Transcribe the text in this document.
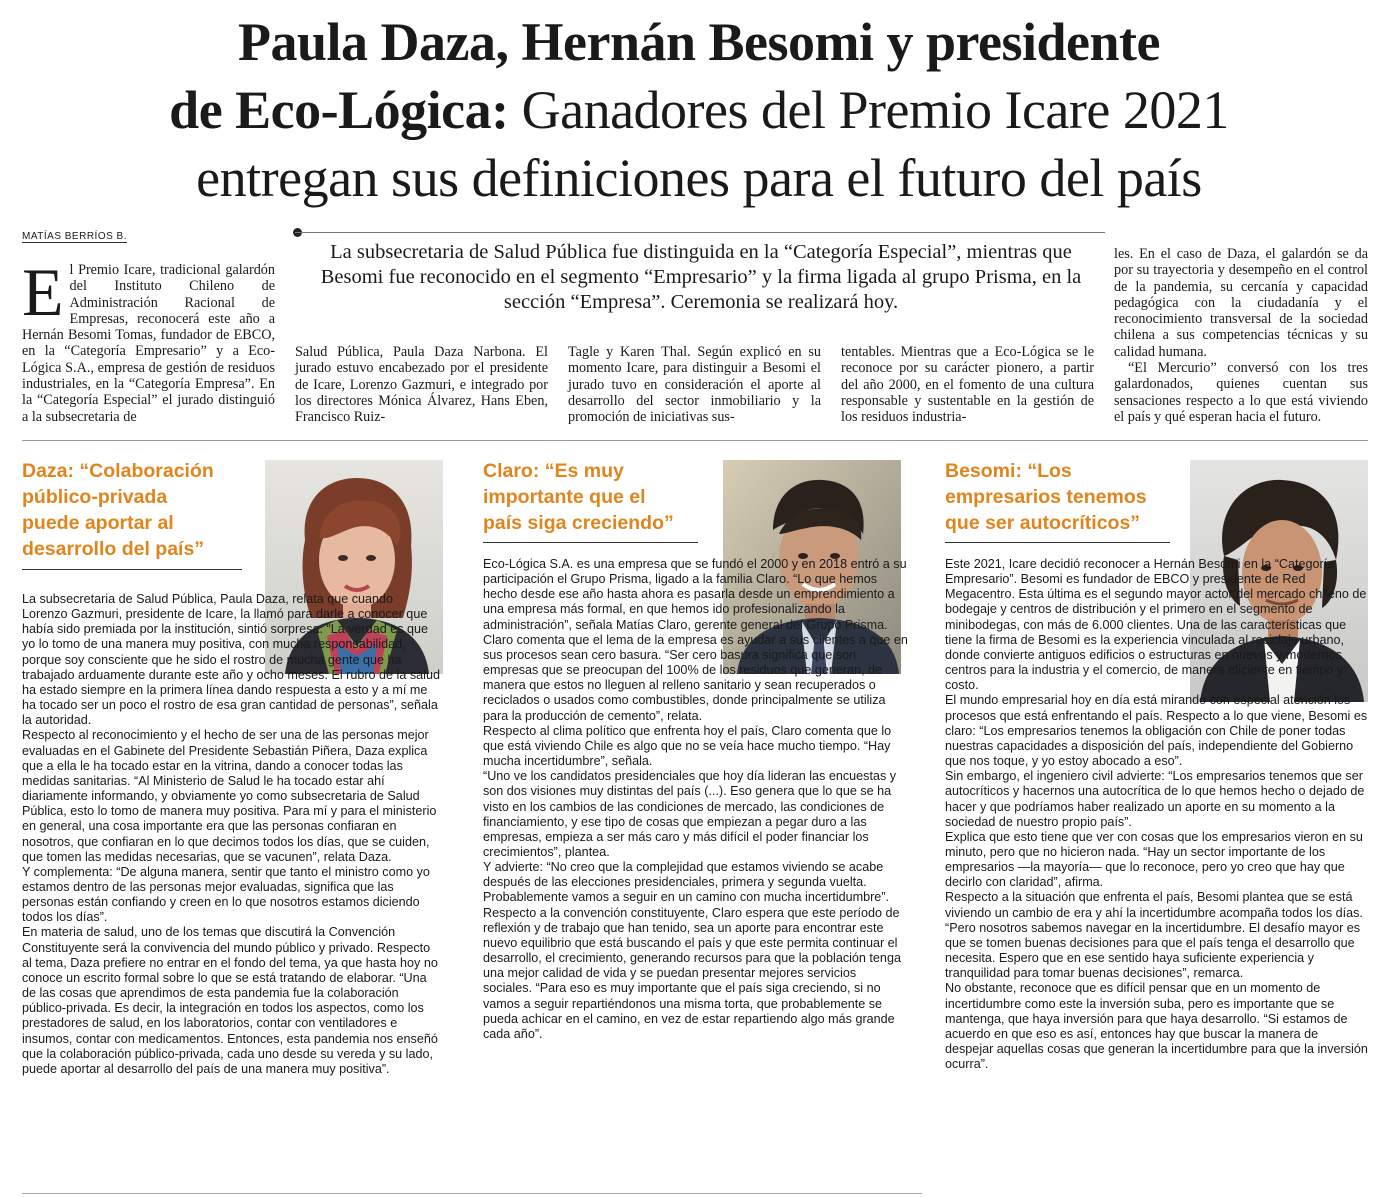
Paula Daza, Hernán Besomi y presidente
de Eco-Lógica: Ganadores del Premio Icare 2021
entregan sus definiciones para el futuro del país
MATÍAS BERRÍOS B.
La subsecretaria de Salud Pública fue distinguida en la “Categoría Especial”, mientras que Besomi fue reconocido en el segmento “Empresario” y la firma ligada al grupo Prisma, en la sección “Empresa”. Ceremonia se realizará hoy.
El Premio Icare, tradicional galardón del Instituto Chileno de Administración Racional de Empresas, reconocerá este año a Hernán Besomi Tomas, fundador de EBCO, en la “Categoría Empresario” y a Eco-Lógica S.A., empresa de gestión de residuos industriales, en la “Categoría Empresa”. En la “Categoría Especial” el jurado distinguió a la subsecretaria de
Salud Pública, Paula Daza Narbona. El jurado estuvo encabezado por el presidente de Icare, Lorenzo Gazmuri, e integrado por los directores Mónica Álvarez, Hans Eben, Francisco Ruiz-
Tagle y Karen Thal. Según explicó en su momento Icare, para distinguir a Besomi el jurado tuvo en consideración el aporte al desarrollo del sector inmobiliario y la promoción de iniciativas sus-
tentables. Mientras que a Eco-Lógica se le reconoce por su carácter pionero, a partir del año 2000, en el fomento de una cultura responsable y sustentable en la gestión de los residuos industria-
les. En el caso de Daza, el galardón se da por su trayectoria y desempeño en el control de la pandemia, su cercanía y capacidad pedagógica con la ciudadanía y el reconocimiento transversal de la sociedad chilena a sus competencias técnicas y su calidad humana.
“El Mercurio” conversó con los tres galardonados, quienes cuentan sus sensaciones respecto a lo que está viviendo el país y qué esperan hacia el futuro.
Daza: “Colaboración
público-privada
puede aportar al
desarrollo del país”

La subsecretaria de Salud Pública, Paula Daza, relata que cuando Lorenzo Gazmuri, presidente de Icare, la llamó para darle a conocer que había sido premiada por la institución, sintió sorpresa. “La verdad es que yo lo tomo de una manera muy positiva, con mucha responsabilidad, porque soy consciente que he sido el rostro de mucha gente que ha trabajado arduamente durante este año y ocho meses. El rubro de la salud ha estado siempre en la primera línea dando respuesta a esto y a mí me ha tocado ser un poco el rostro de esa gran cantidad de personas”, señala la autoridad.

Respecto al reconocimiento y el hecho de ser una de las personas mejor evaluadas en el Gabinete del Presidente Sebastián Piñera, Daza explica que a ella le ha tocado estar en la vitrina, dando a conocer todas las medidas sanitarias. “Al Ministerio de Salud le ha tocado estar ahí diariamente informando, y obviamente yo como subsecretaria de Salud Pública, esto lo tomo de manera muy positiva. Para mí y para el ministerio en general, una cosa importante era que las personas confiaran en nosotros, que confiaran en lo que decimos todos los días, que se cuiden, que tomen las medidas necesarias, que se vacunen”, relata Daza.

Y complementa: “De alguna manera, sentir que tanto el ministro como yo estamos dentro de las personas mejor evaluadas, significa que las personas están confiando y creen en lo que nosotros estamos diciendo todos los días”.

En materia de salud, uno de los temas que discutirá la Convención Constituyente será la convivencia del mundo público y privado. Respecto al tema, Daza prefiere no entrar en el fondo del tema, ya que hasta hoy no conoce un escrito formal sobre lo que se está tratando de elaborar. “Una de las cosas que aprendimos de esta pandemia fue la colaboración público-privada. Es decir, la integración en todos los aspectos, como los prestadores de salud, en los laboratorios, contar con ventiladores e insumos, contar con medicamentos. Entonces, esta pandemia nos enseñó que la colaboración público-privada, cada uno desde su vereda y su lado, puede aportar al desarrollo del país de una manera muy positiva”.

Claro: “Es muy
importante que el
país siga creciendo”

Eco-Lógica S.A. es una empresa que se fundó el 2000 y en 2018 entró a su participación el Grupo Prisma, ligado a la familia Claro. “Lo que hemos hecho desde ese año hasta ahora es pasarla desde un emprendimiento a una empresa más formal, en que hemos ido profesionalizando la administración”, señala Matías Claro, gerente general del Grupo Prisma. Claro comenta que el lema de la empresa es ayudar a sus clientes a que en sus procesos sean cero basura. “Ser cero basura significa que son empresas que se preocupan del 100% de los residuos que generan, de manera que estos no lleguen al relleno sanitario y sean recuperados o reciclados o usados como combustibles, donde principalmente se utiliza para la producción de cemento”, relata.

Respecto al clima político que enfrenta hoy el país, Claro comenta que lo que está viviendo Chile es algo que no se veía hace mucho tiempo. “Hay mucha incertidumbre”, señala.

“Uno ve los candidatos presidenciales que hoy día lideran las encuestas y son dos visiones muy distintas del país (...). Eso genera que lo que se ha visto en los cambios de las condiciones de mercado, las condiciones de financiamiento, y ese tipo de cosas que empiezan a pegar duro a las empresas, empieza a ser más caro y más difícil el poder financiar los crecimientos”, plantea.

Y advierte: “No creo que la complejidad que estamos viviendo se acabe después de las elecciones presidenciales, primera y segunda vuelta. Probablemente vamos a seguir en un camino con mucha incertidumbre”.

Respecto a la convención constituyente, Claro espera que este período de reflexión y de trabajo que han tenido, sea un aporte para encontrar este nuevo equilibrio que está buscando el país y que este permita continuar el desarrollo, el crecimiento, generando recursos para que la población tenga una mejor calidad de vida y se puedan presentar mejores servicios sociales. “Para eso es muy importante que el país siga creciendo, si no vamos a seguir repartiéndonos una misma torta, que probablemente se pueda achicar en el camino, en vez de estar repartiendo algo más grande cada año”.

Besomi: “Los
empresarios tenemos
que ser autocríticos”

Este 2021, Icare decidió reconocer a Hernán Besomi en la “Categoría Empresario”. Besomi es fundador de EBCO y presidente de Red Megacentro. Esta última es el segundo mayor actor del mercado chileno de bodegaje y centros de distribución y el primero en el segmento de minibodegas, con más de 6.000 clientes. Una de las características que tiene la firma de Besomi es la experiencia vinculada al reciclaje urbano, donde convierte antiguos edificios o estructuras en nuevos y modernos centros para la industria y el comercio, de manera eficiente en tiempo y costo.

El mundo empresarial hoy en día está mirando con especial atención los procesos que está enfrentando el país. Respecto a lo que viene, Besomi es claro: “Los empresarios tenemos la obligación con Chile de poner todas nuestras capacidades a disposición del país, independiente del Gobierno que nos toque, y yo estoy abocado a eso”.

Sin embargo, el ingeniero civil advierte: “Los empresarios tenemos que ser autocríticos y hacernos una autocrítica de lo que hemos hecho o dejado de hacer y que podríamos haber realizado un aporte en su momento a la sociedad de nuestro propio país”.

Explica que esto tiene que ver con cosas que los empresarios vieron en su minuto, pero que no hicieron nada. “Hay un sector importante de los empresarios —la mayoría— que lo reconoce, pero yo creo que hay que decirlo con claridad”, afirma.

Respecto a la situación que enfrenta el país, Besomi plantea que se está viviendo un cambio de era y ahí la incertidumbre acompaña todos los días. “Pero nosotros sabemos navegar en la incertidumbre. El desafío mayor es que se tomen buenas decisiones para que el país tenga el desarrollo que necesita. Espero que en ese sentido haya suficiente experiencia y tranquilidad para tomar buenas decisiones”, remarca.

No obstante, reconoce que es difícil pensar que en un momento de incertidumbre como este la inversión suba, pero es importante que se mantenga, que haya inversión para que haya desarrollo. “Si estamos de acuerdo en que eso es así, entonces hay que buscar la manera de despejar aquellas cosas que generan la incertidumbre para que la inversión ocurra”.
